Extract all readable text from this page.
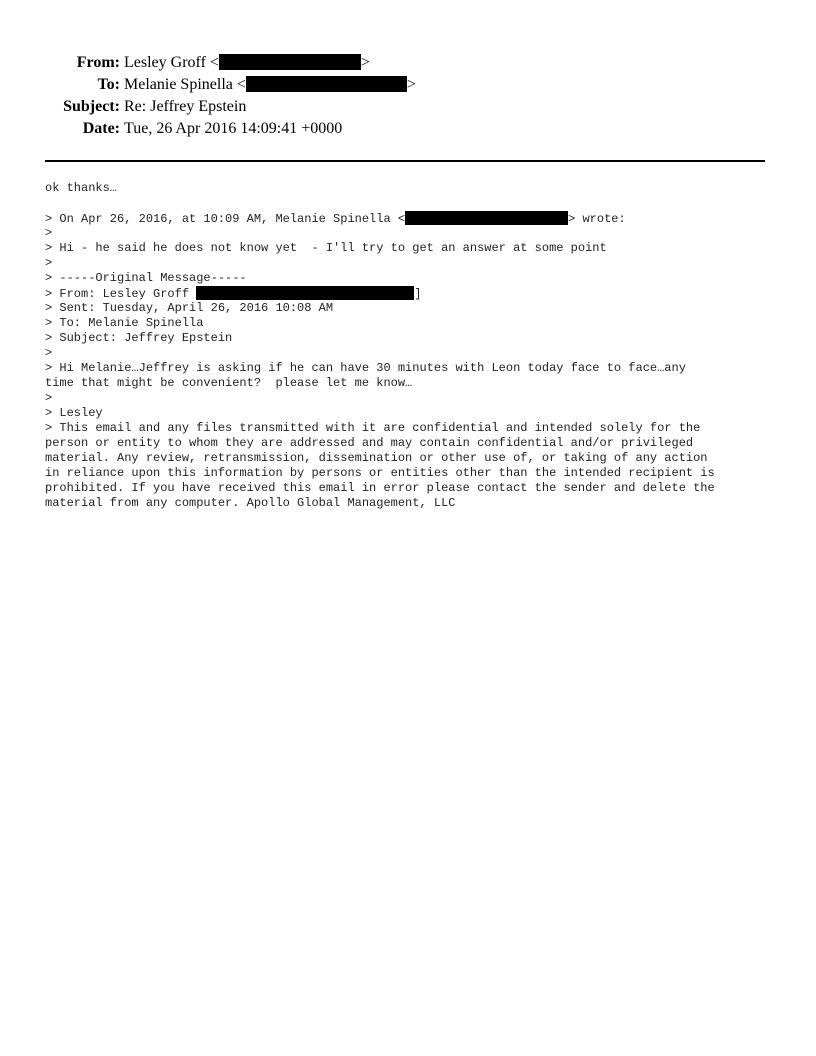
From: Lesley Groff <	>
To: Melanie Spinella <	>
Subject: Re: Jeffrey Epstein
Date: Tue, 26 Apr 2016 14:09:41 +0000
ok thanks…
> On Apr 26, 2016, at 10:09 AM, Melanie Spinella <	> wrote:
>
> Hi - he said he does not know yet  - I'll try to get an answer at some point
>
> -----Original Message-----
> From: Lesley Groff	]
> Sent: Tuesday, April 26, 2016 10:08 AM
> To: Melanie Spinella
> Subject: Jeffrey Epstein
>
> Hi Melanie…Jeffrey is asking if he can have 30 minutes with Leon today face to face…any
time that might be convenient?  please let me know…
>
> Lesley
> This email and any files transmitted with it are confidential and intended solely for the
person or entity to whom they are addressed and may contain confidential and/or privileged
material. Any review, retransmission, dissemination or other use of, or taking of any action
in reliance upon this information by persons or entities other than the intended recipient is
prohibited. If you have received this email in error please contact the sender and delete the
material from any computer. Apollo Global Management, LLC
